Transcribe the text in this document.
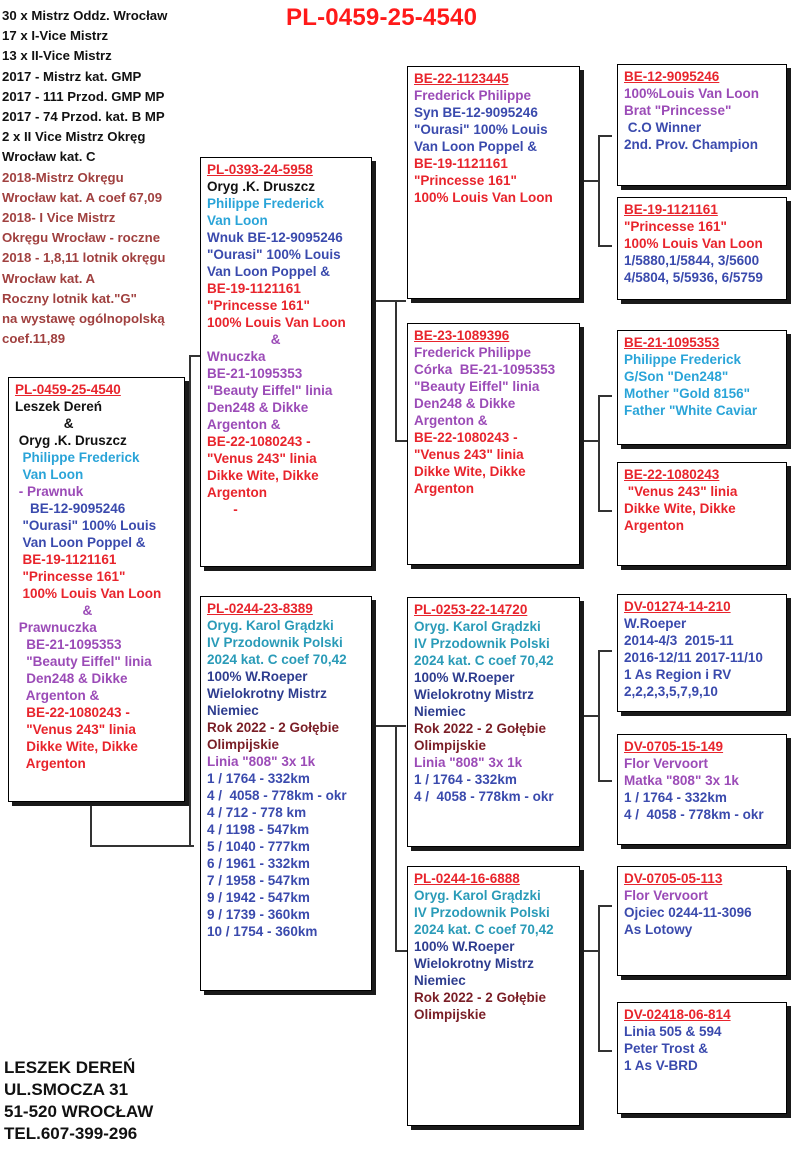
PL-0459-25-4540
30 x Mistrz Oddz. Wrocław
17 x I-Vice Mistrz
13 x II-Vice Mistrz
2017 - Mistrz kat. GMP
2017 - 111 Przod. GMP MP
2017 - 74 Przod. kat. B MP
2 x II Vice Mistrz Okręg
Wrocław kat. C
2018-Mistrz Okręgu
Wrocław kat. A coef 67,09
2018- I Vice Mistrz
Okręgu Wrocław - roczne
2018 - 1,8,11 lotnik okręgu
Wrocław kat. A
Roczny lotnik kat."G"
na wystawę ogólnopolską
coef.11,89
PL-0459-25-4540
Leszek Dereń
&
Oryg .K. Druszcz
Philippe Frederick
Van Loon
- Prawnuk
BE-12-9095246
"Ourasi" 100% Louis
Van Loon Poppel &
BE-19-1121161
"Princesse 161"
100% Louis Van Loon
&
Prawnuczka
BE-21-1095353
"Beauty Eiffel" linia
Den248 & Dikke
Argenton &
BE-22-1080243 -
"Venus 243" linia
Dikke Wite, Dikke
Argenton
PL-0393-24-5958
Oryg .K. Druszcz
Philippe Frederick
Van Loon
Wnuk BE-12-9095246
"Ourasi" 100% Louis
Van Loon Poppel &
BE-19-1121161
"Princesse 161"
100% Louis Van Loon
&
Wnuczka
BE-21-1095353
"Beauty Eiffel" linia
Den248 & Dikke
Argenton &
BE-22-1080243 -
"Venus 243" linia
Dikke Wite, Dikke
Argenton
-
PL-0244-23-8389
Oryg. Karol Grądzki
IV Przodownik Polski
2024 kat. C coef 70,42
100% W.Roeper
Wielokrotny Mistrz
Niemiec
Rok 2022 - 2 Gołębie
Olimpijskie
Linia "808" 3x 1k
1 / 1764 - 332km
4 /  4058 - 778km - okr
4 / 712 - 778 km
4 / 1198 - 547km
5 / 1040 - 777km
6 / 1961 - 332km
7 / 1958 - 547km
9 / 1942 - 547km
9 / 1739 - 360km
10 / 1754 - 360km
BE-22-1123445
Frederick Philippe
Syn BE-12-9095246
"Ourasi" 100% Louis
Van Loon Poppel &
BE-19-1121161
"Princesse 161"
100% Louis Van Loon
BE-23-1089396
Frederick Philippe
Córka  BE-21-1095353
"Beauty Eiffel" linia
Den248 & Dikke
Argenton &
BE-22-1080243 -
"Venus 243" linia
Dikke Wite, Dikke
Argenton
PL-0253-22-14720
Oryg. Karol Grądzki
IV Przodownik Polski
2024 kat. C coef 70,42
100% W.Roeper
Wielokrotny Mistrz
Niemiec
Rok 2022 - 2 Gołębie
Olimpijskie
Linia "808" 3x 1k
1 / 1764 - 332km
4 /  4058 - 778km - okr
PL-0244-16-6888
Oryg. Karol Grądzki
IV Przodownik Polski
2024 kat. C coef 70,42
100% W.Roeper
Wielokrotny Mistrz
Niemiec
Rok 2022 - 2 Gołębie
Olimpijskie
BE-12-9095246
100%Louis Van Loon
Brat "Princesse"
C.O Winner
2nd. Prov. Champion
BE-19-1121161
"Princesse 161"
100% Louis Van Loon
1/5880,1/5844, 3/5600
4/5804, 5/5936, 6/5759
BE-21-1095353
Philippe Frederick
G/Son "Den248"
Mother "Gold 8156"
Father "White Caviar
BE-22-1080243
"Venus 243" linia
Dikke Wite, Dikke
Argenton
DV-01274-14-210
W.Roeper
2014-4/3  2015-11
2016-12/11 2017-11/10
1 As Region i RV
2,2,2,3,5,7,9,10
DV-0705-15-149
Flor Vervoort
Matka "808" 3x 1k
1 / 1764 - 332km
4 /  4058 - 778km - okr
DV-0705-05-113
Flor Vervoort
Ojciec 0244-11-3096
As Lotowy
DV-02418-06-814
Linia 505 & 594
Peter Trost &
1 As V-BRD
LESZEK DEREŃ
UL.SMOCZA 31
51-520 WROCŁAW
TEL.607-399-296
